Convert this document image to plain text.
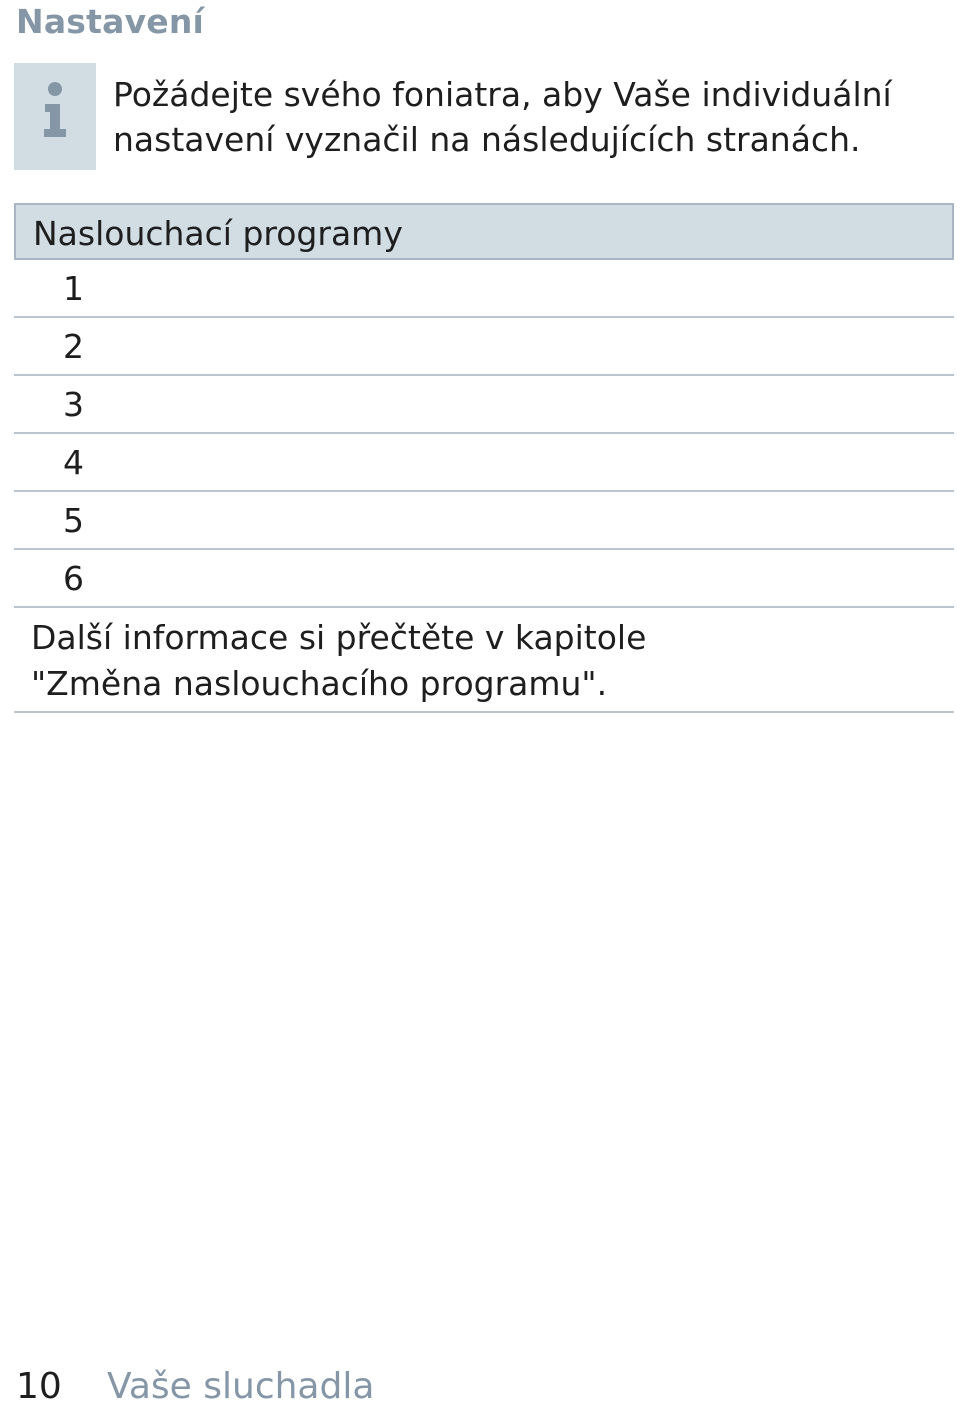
Nastavení
Požádejte svého foniatra, aby Vaše individuální
nastavení vyznačil na následujících stranách.
Naslouchací programy
1
2
3
4
5
6
Další informace si přečtěte v kapitole
"Změna naslouchacího programu".
10 Vaše sluchadla
